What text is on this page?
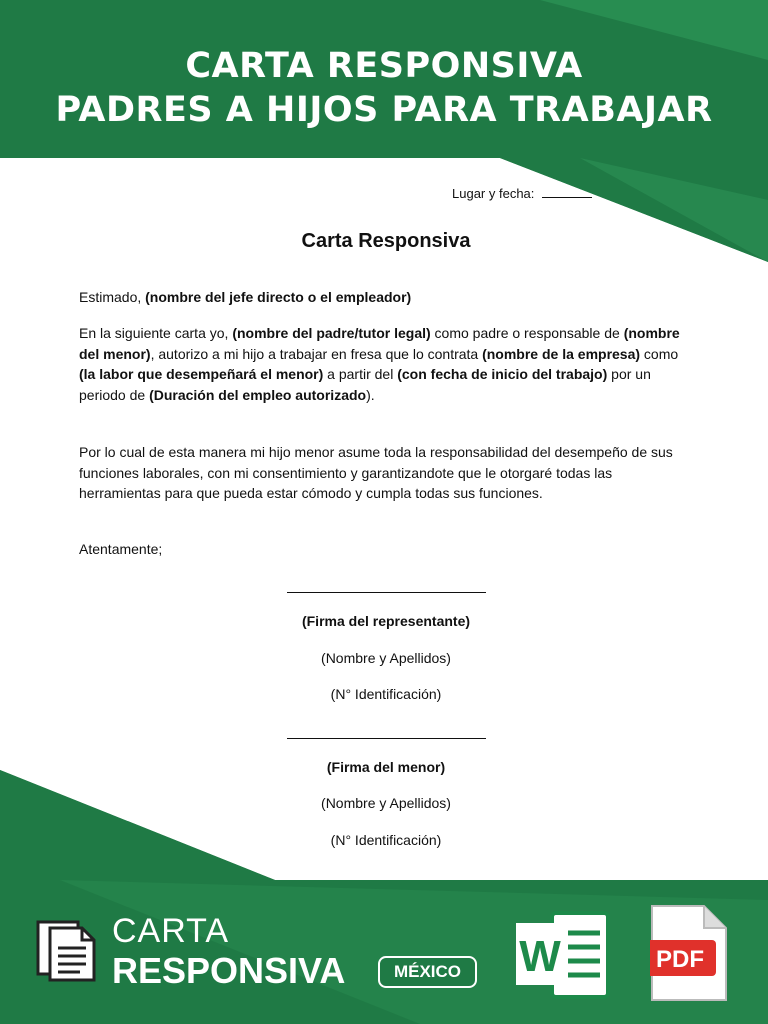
CARTA RESPONSIVA
PADRES A HIJOS PARA TRABAJAR
Lugar y fecha:
Carta Responsiva
Estimado, (nombre del jefe directo o el empleador)
En la siguiente carta yo, (nombre del padre/tutor legal) como padre o responsable de (nombre del menor), autorizo a mi hijo a trabajar en fresa que lo contrata (nombre de la empresa) como (la labor que desempeñará el menor) a partir del (con fecha de inicio del trabajo) por un periodo de (Duración del empleo autorizado).
Por lo cual de esta manera mi hijo menor asume toda la responsabilidad del desempeño de sus funciones laborales, con mi consentimiento y garantizandote que le otorgaré todas las herramientas para que pueda estar cómodo y cumpla todas sus funciones.
Atentamente;
(Firma del representante)
(Nombre y Apellidos)
(N° Identificación)
(Firma del menor)
(Nombre y Apellidos)
(N° Identificación)
CARTA
RESPONSIVA	MÉXICO	W	PDF
